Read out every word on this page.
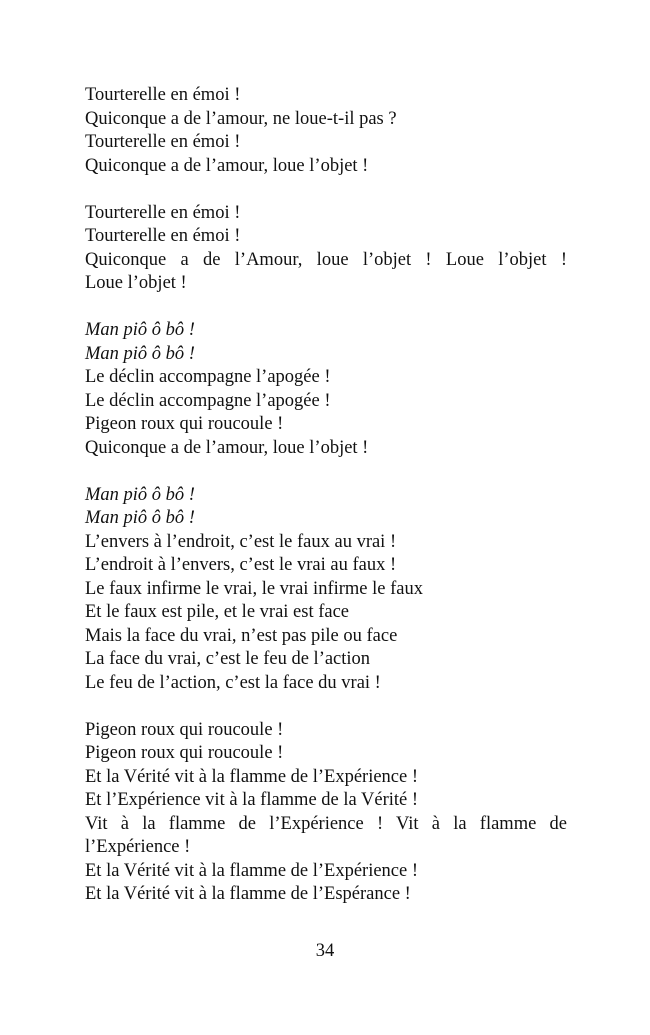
Tourterelle en émoi !
Quiconque a de l’amour, ne loue-t-il pas ?
Tourterelle en émoi !
Quiconque a de l’amour, loue l’objet !
Tourterelle en émoi !
Tourterelle en émoi !
Quiconque a de l’Amour, loue l’objet ! Loue l’objet !
Loue l’objet !
Man piô ô bô !
Man piô ô bô !
Le déclin accompagne l’apogée !
Le déclin accompagne l’apogée !
Pigeon roux qui roucoule !
Quiconque a de l’amour, loue l’objet !
Man piô ô bô !
Man piô ô bô !
L’envers à l’endroit, c’est le faux au vrai !
L’endroit à l’envers, c’est le vrai au faux !
Le faux infirme le vrai, le vrai infirme le faux
Et le faux est pile, et le vrai est face
Mais la face du vrai, n’est pas pile ou face
La face du vrai, c’est le feu de l’action
Le feu de l’action, c’est la face du vrai !
Pigeon roux qui roucoule !
Pigeon roux qui roucoule !
Et la Vérité vit à la flamme de l’Expérience !
Et l’Expérience vit à la flamme de la Vérité !
Vit à la flamme de l’Expérience ! Vit à la flamme de l’Expérience !
Et la Vérité vit à la flamme de l’Expérience !
Et la Vérité vit à la flamme de l’Espérance !
34
